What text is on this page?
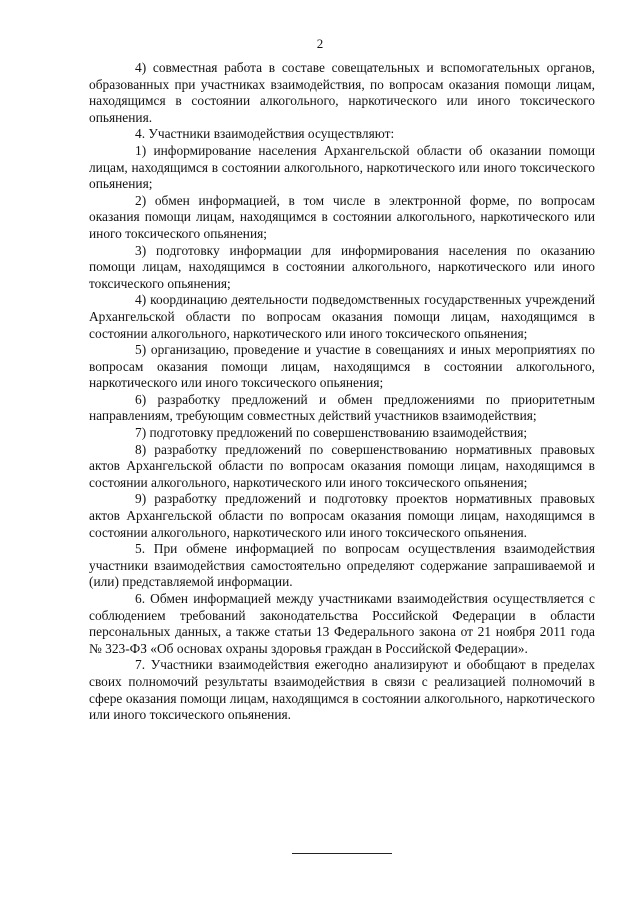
2

4) совместная работа в составе совещательных и вспомогательных органов, образованных при участниках взаимодействия, по вопросам оказания помощи лицам, находящимся в состоянии алкогольного, наркотического или иного токсического опьянения.

4. Участники взаимодействия осуществляют:

1) информирование населения Архангельской области об оказании помощи лицам, находящимся в состоянии алкогольного, наркотического или иного токсического опьянения;

2) обмен информацией, в том числе в электронной форме, по вопросам оказания помощи лицам, находящимся в состоянии алкогольного, наркотического или иного токсического опьянения;

3) подготовку информации для информирования населения по оказанию помощи лицам, находящимся в состоянии алкогольного, наркотического или иного токсического опьянения;

4) координацию деятельности подведомственных государственных учреждений Архангельской области по вопросам оказания помощи лицам, находящимся в состоянии алкогольного, наркотического или иного токсического опьянения;

5) организацию, проведение и участие в совещаниях и иных мероприятиях по вопросам оказания помощи лицам, находящимся в состоянии алкогольного, наркотического или иного токсического опьянения;

6) разработку предложений и обмен предложениями по приоритетным направлениям, требующим совместных действий участников взаимодействия;

7) подготовку предложений по совершенствованию взаимодействия;

8) разработку предложений по совершенствованию нормативных правовых актов Архангельской области по вопросам оказания помощи лицам, находящимся в состоянии алкогольного, наркотического или иного токсического опьянения;

9) разработку предложений и подготовку проектов нормативных правовых актов Архангельской области по вопросам оказания помощи лицам, находящимся в состоянии алкогольного, наркотического или иного токсического опьянения.

5. При обмене информацией по вопросам осуществления взаимодействия участники взаимодействия самостоятельно определяют содержание запрашиваемой и (или) представляемой информации.

6. Обмен информацией между участниками взаимодействия осуществляется с соблюдением требований законодательства Российской Федерации в области персональных данных, а также статьи 13 Федерального закона от 21 ноября 2011 года № 323-ФЗ «Об основах охраны здоровья граждан в Российской Федерации».

7. Участники взаимодействия ежегодно анализируют и обобщают в пределах своих полномочий результаты взаимодействия в связи с реализацией полномочий в сфере оказания помощи лицам, находящимся в состоянии алкогольного, наркотического или иного токсического опьянения.
